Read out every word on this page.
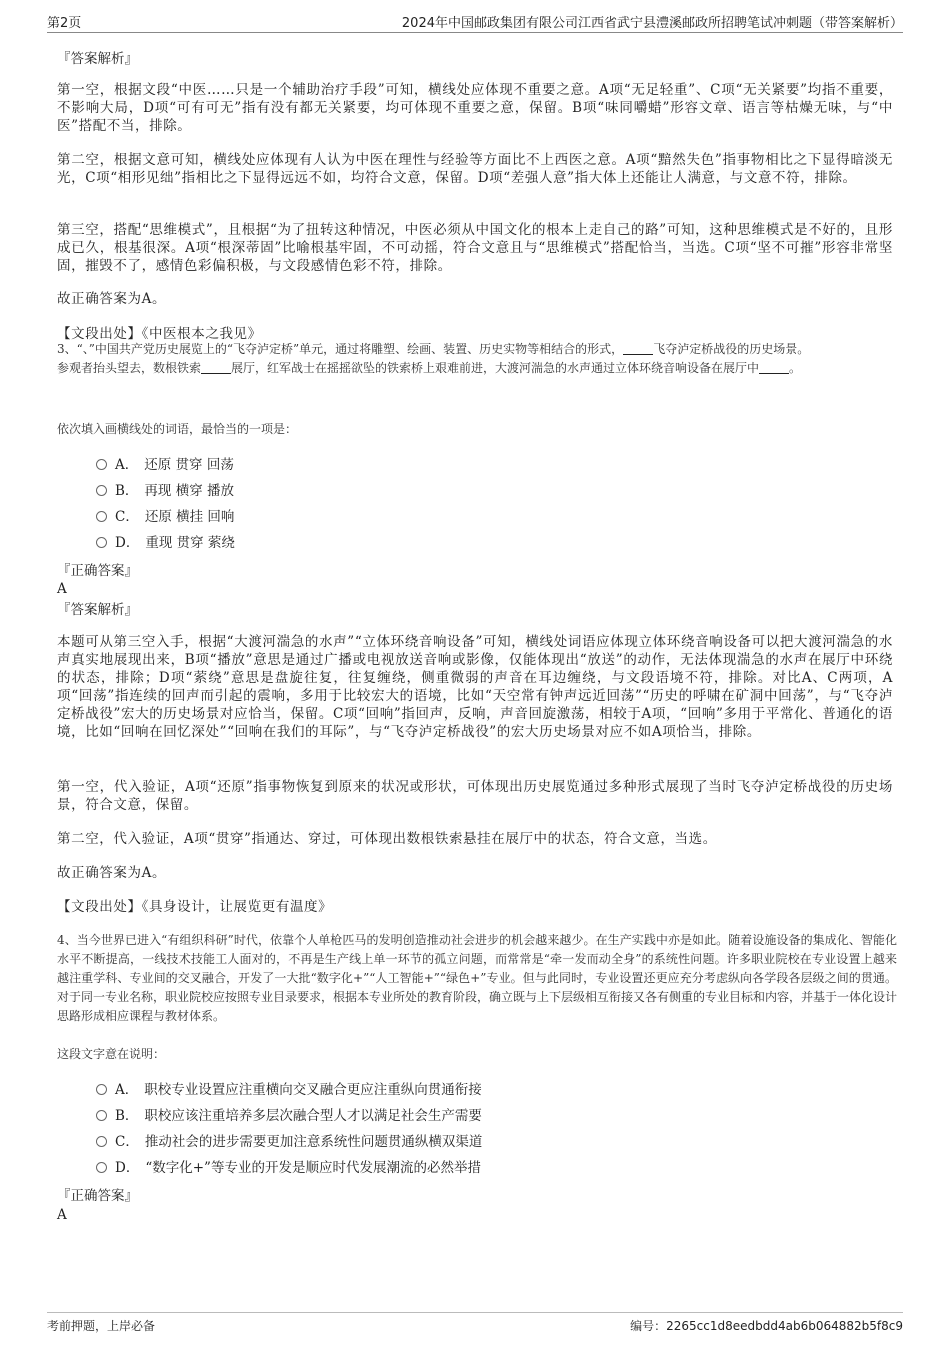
第2页	2024年中国邮政集团有限公司江西省武宁县澧溪邮政所招聘笔试冲刺题（带答案解析）

『答案解析』

第一空，根据文段“中医……只是一个辅助治疗手段”可知，横线处应体现不重要之意。A项“无足轻重”、C项“无关紧要”均指不重要，不影响大局，D项“可有可无”指有没有都无关紧要，均可体现不重要之意，保留。B项“味同嚼蜡”形容文章、语言等枯燥无味，与“中医”搭配不当，排除。

第二空，根据文意可知，横线处应体现有人认为中医在理性与经验等方面比不上西医之意。A项“黯然失色”指事物相比之下显得暗淡无光，C项“相形见绌”指相比之下显得远远不如，均符合文意，保留。D项“差强人意”指大体上还能让人满意，与文意不符，排除。

第三空，搭配“思维模式”，且根据“为了扭转这种情况，中医必须从中国文化的根本上走自己的路”可知，这种思维模式是不好的，且形成已久，根基很深。A项“根深蒂固”比喻根基牢固，不可动摇，符合文意且与“思维模式”搭配恰当，当选。C项“坚不可摧”形容非常坚固，摧毁不了，感情色彩偏积极，与文段感情色彩不符，排除。

故正确答案为A。

【文段出处】《中医根本之我见》

3、“、”中国共产党历史展览上的“飞夺泸定桥”单元，通过将雕塑、绘画、装置、历史实物等相结合的形式，	飞夺泸定桥战役的历史场景。
参观者抬头望去，数根铁索	展厅，红军战士在摇摇欲坠的铁索桥上艰难前进，大渡河湍急的水声通过立体环绕音响设备在展厅中	。

依次填入画横线处的词语，最恰当的一项是：

A． 还原 贯穿 回荡
B． 再现 横穿 播放
C． 还原 横挂 回响
D． 重现 贯穿 萦绕

『正确答案』

A

『答案解析』

本题可从第三空入手，根据“大渡河湍急的水声”“立体环绕音响设备”可知，横线处词语应体现立体环绕音响设备可以把大渡河湍急的水声真实地展现出来，B项“播放”意思是通过广播或电视放送音响或影像，仅能体现出“放送”的动作，无法体现湍急的水声在展厅中环绕的状态，排除；D项“萦绕”意思是盘旋往复，往复缠绕，侧重微弱的声音在耳边缠绕，与文段语境不符，排除。对比A、C两项，A项“回荡”指连续的回声而引起的震响，多用于比较宏大的语境，比如“天空常有钟声远近回荡”“历史的呼啸在矿洞中回荡”，与“飞夺泸定桥战役”宏大的历史场景对应恰当，保留。C项“回响”指回声，反响，声音回旋激荡，相较于A项，“回响”多用于平常化、普通化的语境，比如“回响在回忆深处”“回响在我们的耳际”，与“飞夺泸定桥战役”的宏大历史场景对应不如A项恰当，排除。

第一空，代入验证，A项“还原”指事物恢复到原来的状况或形状，可体现出历史展览通过多种形式展现了当时飞夺泸定桥战役的历史场景，符合文意，保留。

第二空，代入验证，A项“贯穿”指通达、穿过，可体现出数根铁索悬挂在展厅中的状态，符合文意，当选。

故正确答案为A。

【文段出处】《具身设计，让展览更有温度》

4、当今世界已进入“有组织科研”时代，依靠个人单枪匹马的发明创造推动社会进步的机会越来越少。在生产实践中亦是如此。随着设施设备的集成化、智能化水平不断提高，一线技术技能工人面对的，不再是生产线上单一环节的孤立问题，而常常是“牵一发而动全身”的系统性问题。许多职业院校在专业设置上越来越注重学科、专业间的交叉融合，开发了一大批“数字化+”“人工智能+”“绿色+”专业。但与此同时，专业设置还更应充分考虑纵向各学段各层级之间的贯通。对于同一专业名称，职业院校应按照专业目录要求，根据本专业所处的教育阶段，确立既与上下层级相互衔接又各有侧重的专业目标和内容，并基于一体化设计思路形成相应课程与教材体系。

这段文字意在说明：

A． 职校专业设置应注重横向交叉融合更应注重纵向贯通衔接
B． 职校应该注重培养多层次融合型人才以满足社会生产需要
C． 推动社会的进步需要更加注意系统性问题贯通纵横双渠道
D． “数字化+”等专业的开发是顺应时代发展潮流的必然举措

『正确答案』

A

考前押题，上岸必备	编号：2265cc1d8eedbdd4ab6b064882b5f8c9
